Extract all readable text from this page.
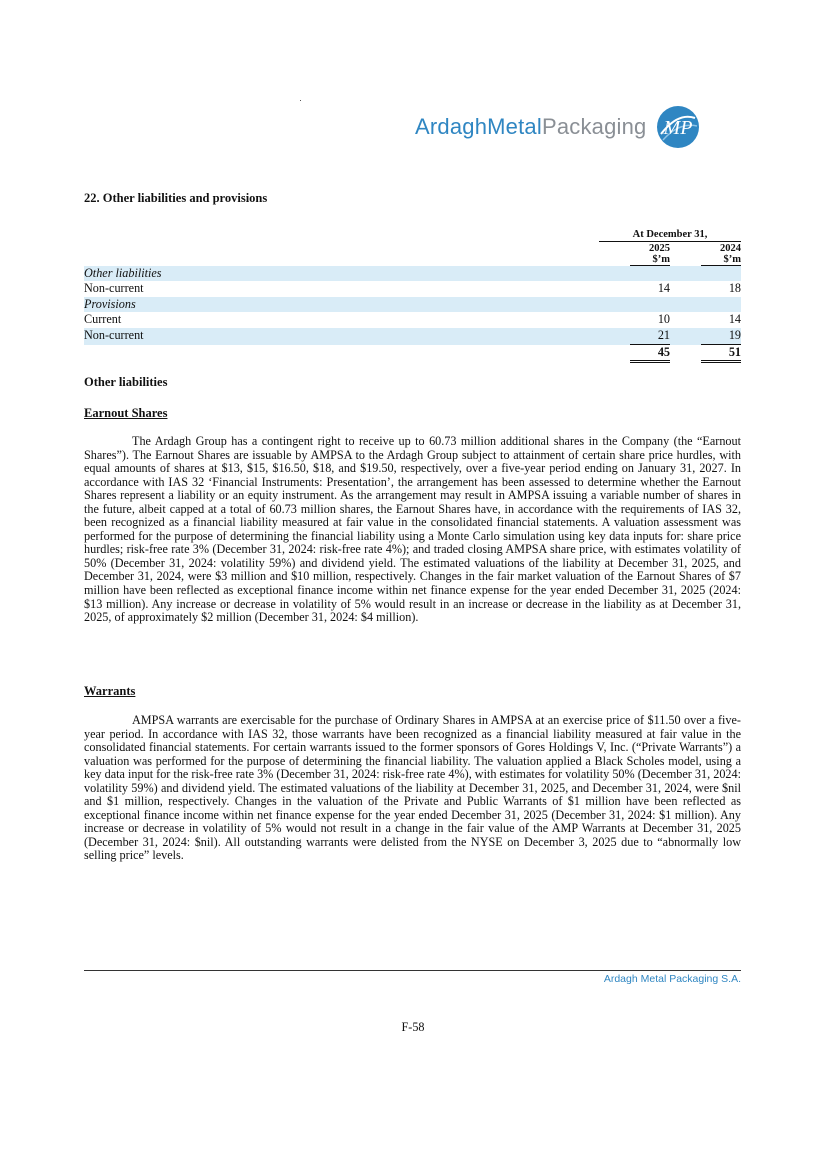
ArdaghMetalPackaging MP
22. Other liabilities and provisions
	At December 31,	
	2025	2024
	$’m	$’m
Other liabilities		
Non-current	14	18
Provisions		
Current	10	14
Non-current	21	19
	45	51
Other liabilities
Earnout Shares

The Ardagh Group has a contingent right to receive up to 60.73 million additional shares in the Company (the “Earnout Shares”). The Earnout Shares are issuable by AMPSA to the Ardagh Group subject to attainment of certain share price hurdles, with equal amounts of shares at $13, $15, $16.50, $18, and $19.50, respectively, over a five-year period ending on January 31, 2027. In accordance with IAS 32 ‘Financial Instruments: Presentation’, the arrangement has been assessed to determine whether the Earnout Shares represent a liability or an equity instrument. As the arrangement may result in AMPSA issuing a variable number of shares in the future, albeit capped at a total of 60.73 million shares, the Earnout Shares have, in accordance with the requirements of IAS 32, been recognized as a financial liability measured at fair value in the consolidated financial statements. A valuation assessment was performed for the purpose of determining the financial liability using a Monte Carlo simulation using key data inputs for: share price hurdles; risk-free rate 3% (December 31, 2024: risk-free rate 4%); and traded closing AMPSA share price, with estimates volatility of 50% (December 31, 2024: volatility 59%) and dividend yield. The estimated valuations of the liability at December 31, 2025, and December 31, 2024, were $3 million and $10 million, respectively. Changes in the fair market valuation of the Earnout Shares of $7 million have been reflected as exceptional finance income within net finance expense for the year ended December 31, 2025 (2024: $13 million). Any increase or decrease in volatility of 5% would result in an increase or decrease in the liability as at December 31, 2025, of approximately $2 million (December 31, 2024: $4 million).

Warrants

AMPSA warrants are exercisable for the purchase of Ordinary Shares in AMPSA at an exercise price of $11.50 over a five-year period. In accordance with IAS 32, those warrants have been recognized as a financial liability measured at fair value in the consolidated financial statements. For certain warrants issued to the former sponsors of Gores Holdings V, Inc. (“Private Warrants”) a valuation was performed for the purpose of determining the financial liability. The valuation applied a Black Scholes model, using a key data input for the risk-free rate 3% (December 31, 2024: risk-free rate 4%), with estimates for volatility 50% (December 31, 2024: volatility 59%) and dividend yield. The estimated valuations of the liability at December 31, 2025, and December 31, 2024, were $nil and $1 million, respectively. Changes in the valuation of the Private and Public Warrants of $1 million have been reflected as exceptional finance income within net finance expense for the year ended December 31, 2025 (December 31, 2024: $1 million). Any increase or decrease in volatility of 5% would not result in a change in the fair value of the AMP Warrants at December 31, 2025 (December 31, 2024: $nil). All outstanding warrants were delisted from the NYSE on December 3, 2025 due to “abnormally low selling price” levels.

Ardagh Metal Packaging S.A.
F-58
